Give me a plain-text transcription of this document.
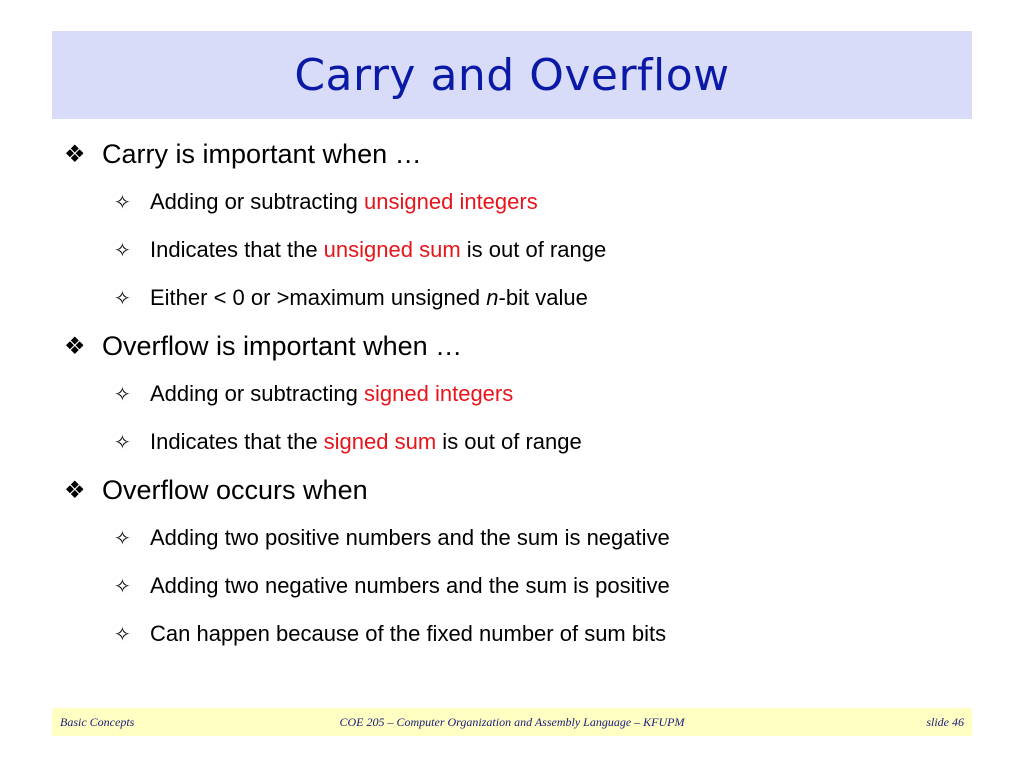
Carry and Overflow
❖ Carry is important when …
✧ Adding or subtracting unsigned integers
✧ Indicates that the unsigned sum is out of range
✧ Either < 0 or >maximum unsigned n-bit value
❖ Overflow is important when …
✧ Adding or subtracting signed integers
✧ Indicates that the signed sum is out of range
❖ Overflow occurs when
✧ Adding two positive numbers and the sum is negative
✧ Adding two negative numbers and the sum is positive
✧ Can happen because of the fixed number of sum bits
Basic Concepts	COE 205 – Computer Organization and Assembly Language – KFUPM	slide 46
